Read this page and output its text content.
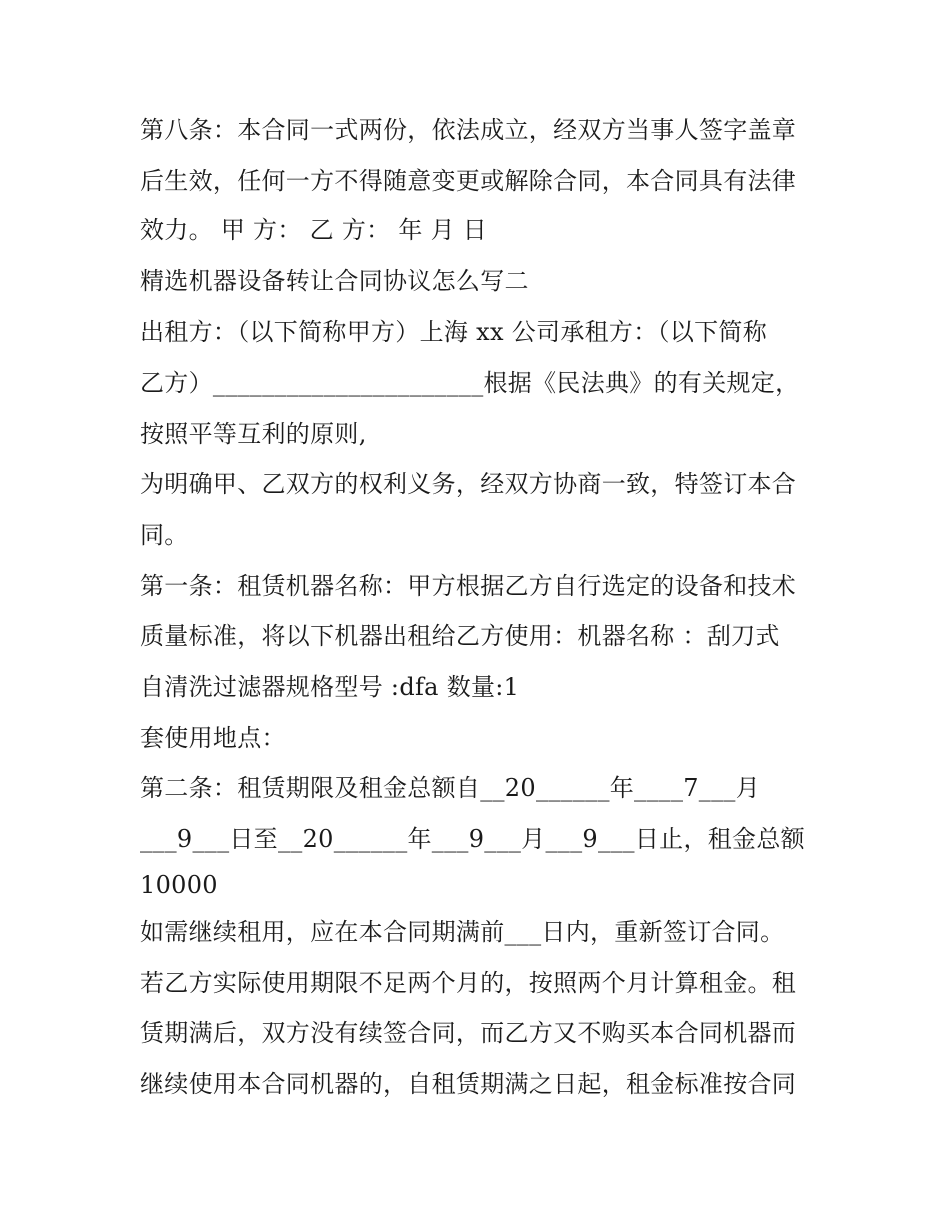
第八条：本合同一式两份，依法成立，经双方当事人签字盖章
后生效，任何一方不得随意变更或解除合同，本合同具有法律
效力。 甲 方： 乙 方： 年 月 日
精选机器设备转让合同协议怎么写二
出租方：（以下简称甲方）上海 xx 公司承租方：（以下简称
乙方）______________________根据《民法典》的有关规定，
按照平等互利的原则,
为明确甲、乙双方的权利义务，经双方协商一致，特签订本合
同。
第一条：租赁机器名称：甲方根据乙方自行选定的设备和技术
质量标准，将以下机器出租给乙方使用：机器名称 ：刮刀式
自清洗过滤器规格型号 :dfa 数量:1
套使用地点：
第二条：租赁期限及租金总额自__20______年____7___月
___9___日至__20______年___9___月___9___日止，租金总额
10000
如需继续租用，应在本合同期满前___日内，重新签订合同。
若乙方实际使用期限不足两个月的，按照两个月计算租金。租
赁期满后，双方没有续签合同，而乙方又不购买本合同机器而
继续使用本合同机器的，自租赁期满之日起，租金标准按合同
